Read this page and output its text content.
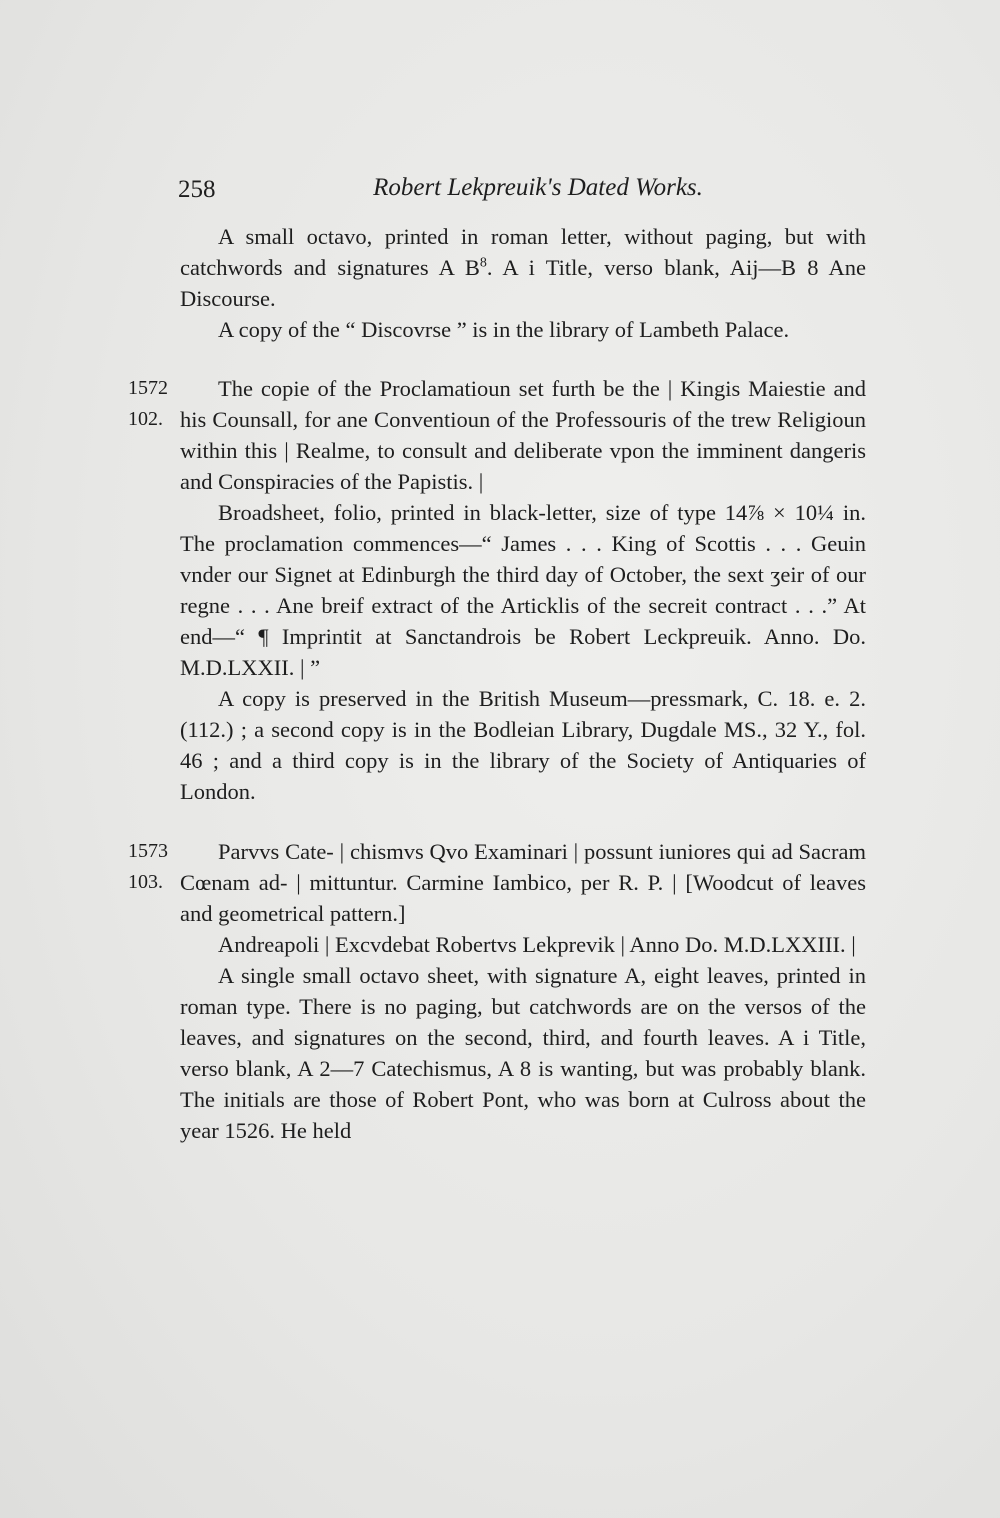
258	Robert Lekpreuik's Dated Works.

A small octavo, printed in roman letter, without paging, but with catchwords and signatures A $B^8$. A i Title, verso blank, Aij—B 8 Ane Discourse.

A copy of the “ Discovrse ” is in the library of Lambeth Palace.

1572
102.

The copie of the Proclamatioun set furth be the | Kingis Maiestie and his Counsall, for ane Conventioun of the Professouris of the trew Religioun within this | Realme, to consult and deliberate vpon the imminent dangeris and Conspiracies of the Papistis. |

Broadsheet, folio, printed in black-letter, size of type 14⅞ × 10¼ in. The proclamation commences—“ James . . . King of Scottis . . . Geuin vnder our Signet at Edinburgh the third day of October, the sext ʒeir of our regne . . . Ane breif extract of the Articklis of the secreit contract . . .” At end—“ ¶ Imprintit at Sanctandrois be Robert Leckpreuik. Anno. Do. M.D.LXXII. | ”

A copy is preserved in the British Museum—pressmark, C. 18. e. 2. (112.) ; a second copy is in the Bodleian Library, Dugdale MS., 32 Y., fol. 46 ; and a third copy is in the library of the Society of Antiquaries of London.

1573
103.

Parvvs Cate- | chismvs Qvo Examinari | possunt iuniores qui ad Sacram Cœnam ad- | mittuntur. Carmine Iambico, per R. P. | [Woodcut of leaves and geometrical pattern.]

Andreapoli | Excvdebat Robertvs Lekprevik | Anno Do. M.D.LXXIII. |

A single small octavo sheet, with signature A, eight leaves, printed in roman type. There is no paging, but catchwords are on the versos of the leaves, and signatures on the second, third, and fourth leaves. A i Title, verso blank, A 2—7 Catechismus, A 8 is wanting, but was probably blank. The initials are those of Robert Pont, who was born at Culross about the year 1526. He held
